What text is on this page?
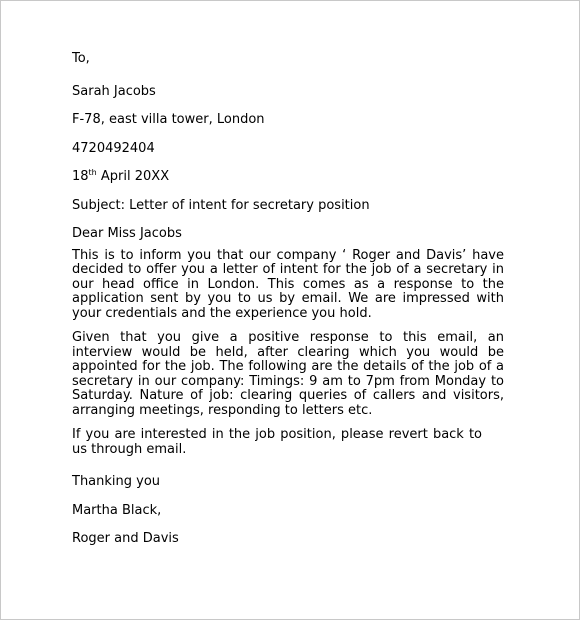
To,

Sarah Jacobs

F-78, east villa tower, London

4720492404

18th April 20XX

Subject: Letter of intent for secretary position

Dear Miss Jacobs

This is to inform you that our company ‘ Roger and Davis’ have decided to offer you a letter of intent for the job of a secretary in our head office in London. This comes as a response to the application sent by you to us by email. We are impressed with your credentials and the experience you hold.

Given that you give a positive response to this email, an interview would be held, after clearing which you would be appointed for the job. The following are the details of the job of a secretary in our company: Timings: 9 am to 7pm from Monday to Saturday. Nature of job: clearing queries of callers and visitors, arranging meetings, responding to letters etc.

If you are interested in the job position, please revert back to us through email.

Thanking you

Martha Black,

Roger and Davis
